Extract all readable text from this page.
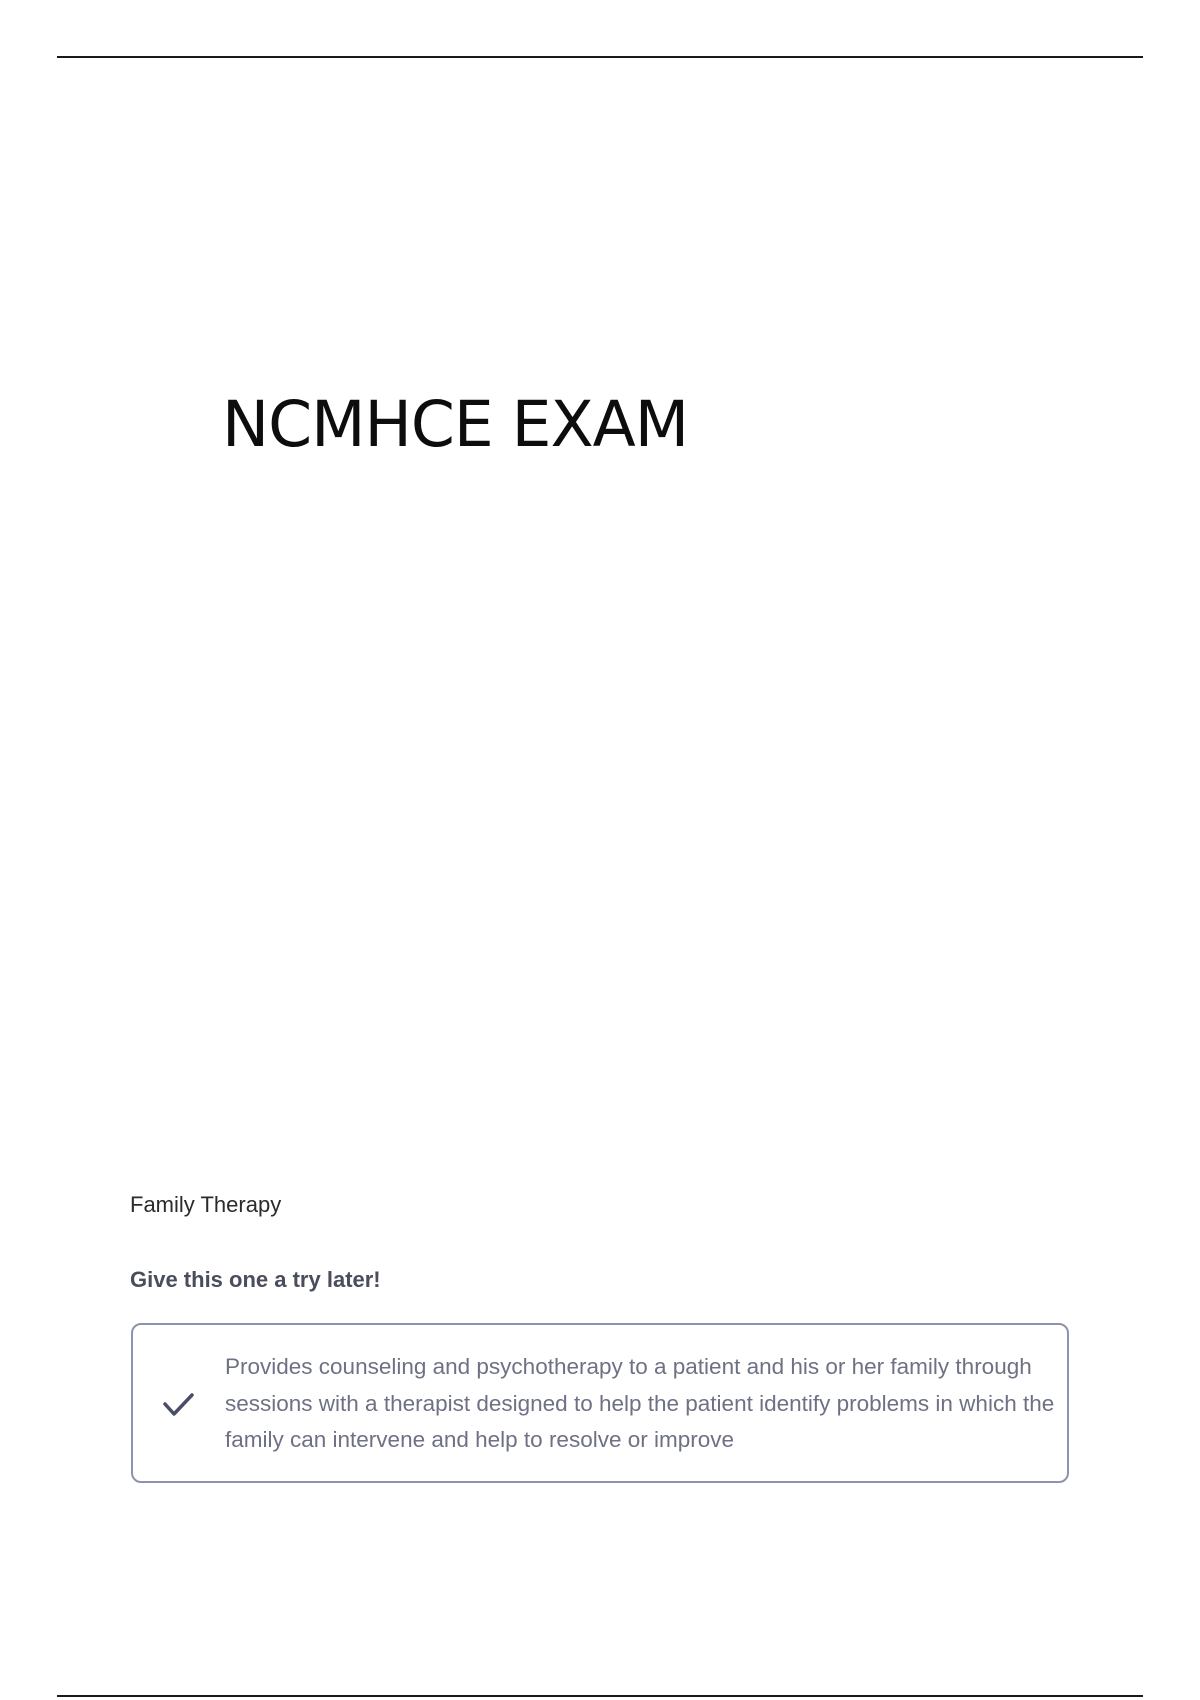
NCMHCE EXAM

Family Therapy

Give this one a try later!

Provides counseling and psychotherapy to a patient and his or her family through sessions with a therapist designed to help the patient identify problems in which the family can intervene and help to resolve or improve
